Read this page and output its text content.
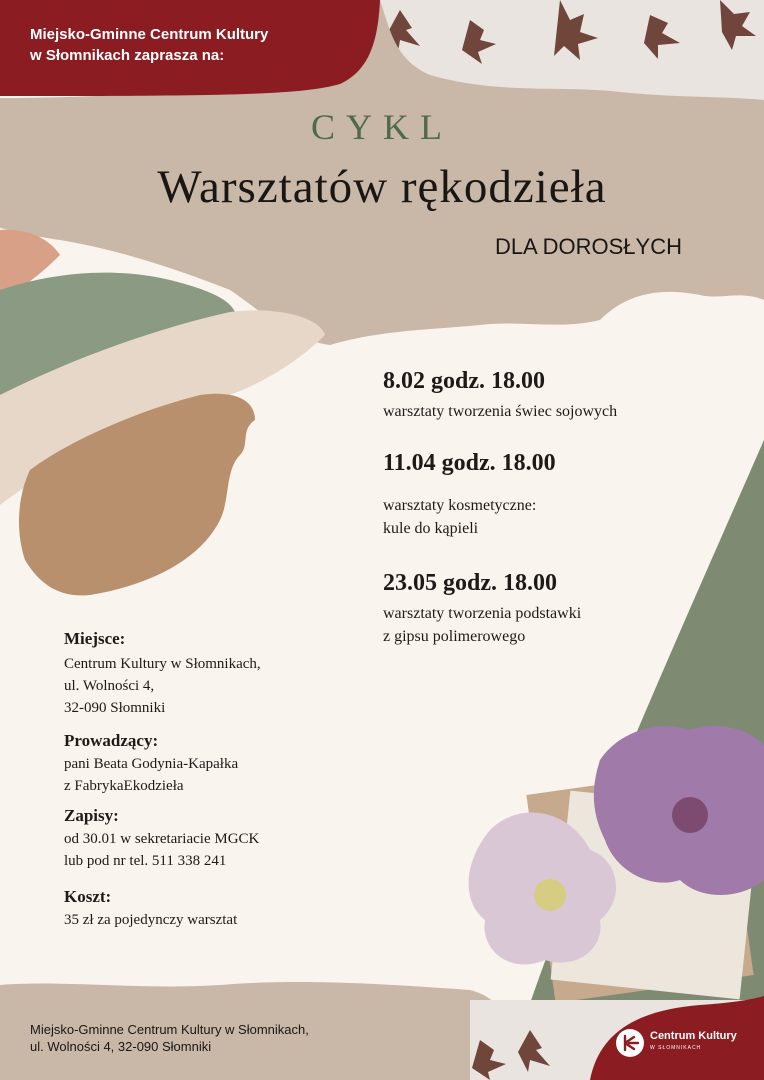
Miejsko-Gminne Centrum Kultury
w Słomnikach zaprasza na:
CYKL
Warsztatów rękodzieła
DLA DOROSŁYCH
8.02 godz. 18.00
warsztaty tworzenia świec sojowych
11.04 godz. 18.00
warsztaty kosmetyczne:
kule do kąpieli
23.05 godz. 18.00
warsztaty tworzenia podstawki
z gipsu polimerowego
Miejsce:
Centrum Kultury w Słomnikach,
ul. Wolności 4,
32-090 Słomniki
Prowadzący:
pani Beata Godynia-Kapałka
z FabrykaEkodzieła
Zapisy:
od 30.01 w sekretariacie MGCK
lub pod nr tel. 511 338 241
Koszt:
35 zł za pojedynczy warsztat
Miejsko-Gminne Centrum Kultury w Słomnikach,
ul. Wolności 4, 32-090 Słomniki
Centrum Kultury
W SŁOMNIKACH
